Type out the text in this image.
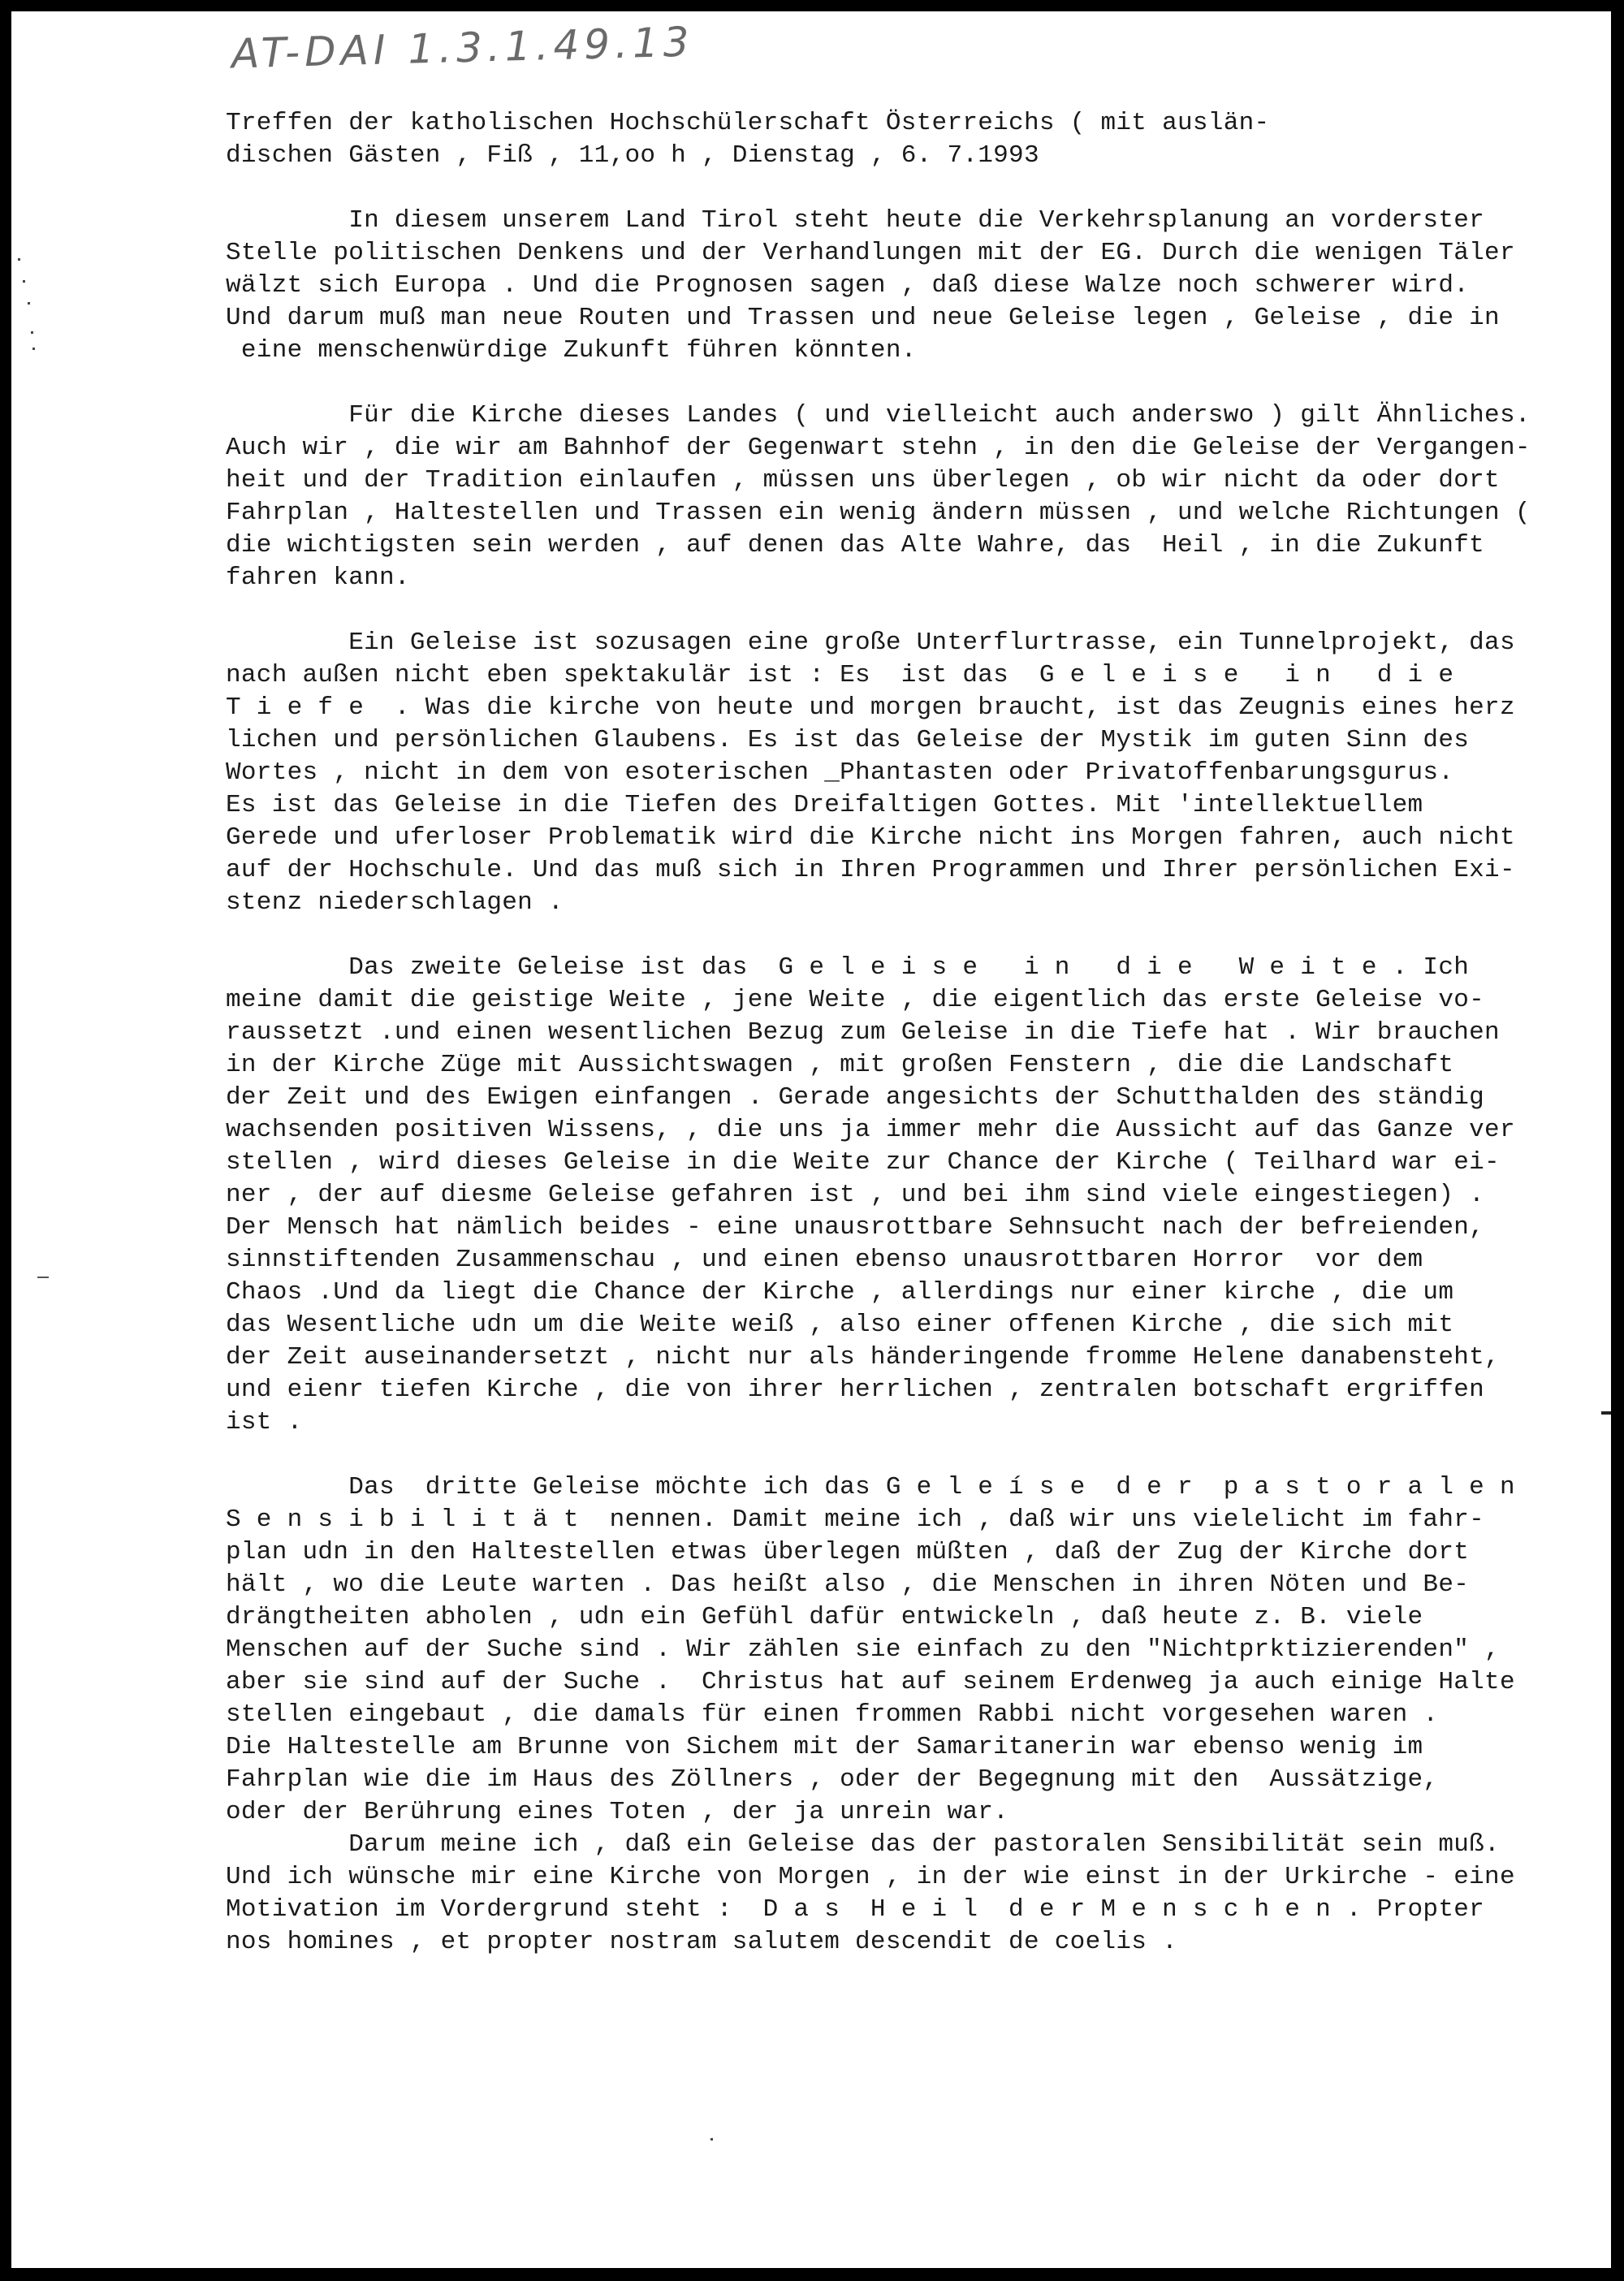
AT-DAI 1.3.1.49.13
Treffen der katholischen Hochschülerschaft Österreichs ( mit auslän-
dischen Gästen , Fiß , 11,oo h , Dienstag , 6. 7.1993
In diesem unserem Land Tirol steht heute die Verkehrsplanung an vorderster
Stelle politischen Denkens und der Verhandlungen mit der EG. Durch die wenigen Täler
wälzt sich Europa . Und die Prognosen sagen , daß diese Walze noch schwerer wird.
Und darum muß man neue Routen und Trassen und neue Geleise legen , Geleise , die in
eine menschenwürdige Zukunft führen könnten.
Für die Kirche dieses Landes ( und vielleicht auch anderswo ) gilt Ähnliches.
Auch wir , die wir am Bahnhof der Gegenwart stehn , in den die Geleise der Vergangen-
heit und der Tradition einlaufen , müssen uns überlegen , ob wir nicht da oder dort
Fahrplan , Haltestellen und Trassen ein wenig ändern müssen , und welche Richtungen (
die wichtigsten sein werden , auf denen das Alte Wahre, das  Heil , in die Zukunft
fahren kann.
Ein Geleise ist sozusagen eine große Unterflurtrasse, ein Tunnelprojekt, das
nach außen nicht eben spektakulär ist : Es  ist das  G e l e i s e   i n   d i e
T i e f e  . Was die kirche von heute und morgen braucht, ist das Zeugnis eines herz
lichen und persönlichen Glaubens. Es ist das Geleise der Mystik im guten Sinn des
Wortes , nicht in dem von esoterischen _Phantasten oder Privatoffenbarungsgurus.
Es ist das Geleise in die Tiefen des Dreifaltigen Gottes. Mit 'intellektuellem
Gerede und uferloser Problematik wird die Kirche nicht ins Morgen fahren, auch nicht
auf der Hochschule. Und das muß sich in Ihren Programmen und Ihrer persönlichen Exi-
stenz niederschlagen .
Das zweite Geleise ist das  G e l e i s e   i n   d i e   W e i t e . Ich
meine damit die geistige Weite , jene Weite , die eigentlich das erste Geleise vo-
raussetzt .und einen wesentlichen Bezug zum Geleise in die Tiefe hat . Wir brauchen
in der Kirche Züge mit Aussichtswagen , mit großen Fenstern , die die Landschaft
der Zeit und des Ewigen einfangen . Gerade angesichts der Schutthalden des ständig
wachsenden positiven Wissens, , die uns ja immer mehr die Aussicht auf das Ganze ver
stellen , wird dieses Geleise in die Weite zur Chance der Kirche ( Teilhard war ei-
ner , der auf diesme Geleise gefahren ist , und bei ihm sind viele eingestiegen) .
Der Mensch hat nämlich beides - eine unausrottbare Sehnsucht nach der befreienden,
sinnstiftenden Zusammenschau , und einen ebenso unausrottbaren Horror  vor dem
Chaos .Und da liegt die Chance der Kirche , allerdings nur einer kirche , die um
das Wesentliche udn um die Weite weiß , also einer offenen Kirche , die sich mit
der Zeit auseinandersetzt , nicht nur als händeringende fromme Helene danabensteht,
und eienr tiefen Kirche , die von ihrer herrlichen , zentralen botschaft ergriffen
ist .
Das  dritte Geleise möchte ich das G e l e í s e  d e r  p a s t o r a l e n
S e n s i b i l i t ä t  nennen. Damit meine ich , daß wir uns vielelicht im fahr-
plan udn in den Haltestellen etwas überlegen müßten , daß der Zug der Kirche dort
hält , wo die Leute warten . Das heißt also , die Menschen in ihren Nöten und Be-
drängtheiten abholen , udn ein Gefühl dafür entwickeln , daß heute z. B. viele
Menschen auf der Suche sind . Wir zählen sie einfach zu den "Nichtprktizierenden" ,
aber sie sind auf der Suche .  Christus hat auf seinem Erdenweg ja auch einige Halte
stellen eingebaut , die damals für einen frommen Rabbi nicht vorgesehen waren .
Die Haltestelle am Brunne von Sichem mit der Samaritanerin war ebenso wenig im
Fahrplan wie die im Haus des Zöllners , oder der Begegnung mit den  Aussätzige,
oder der Berührung eines Toten , der ja unrein war.
Darum meine ich , daß ein Geleise das der pastoralen Sensibilität sein muß.
Und ich wünsche mir eine Kirche von Morgen , in der wie einst in der Urkirche - eine
Motivation im Vordergrund steht :  D a s  H e i l  d e r M e n s c h e n . Propter
nos homines , et propter nostram salutem descendit de coelis .
